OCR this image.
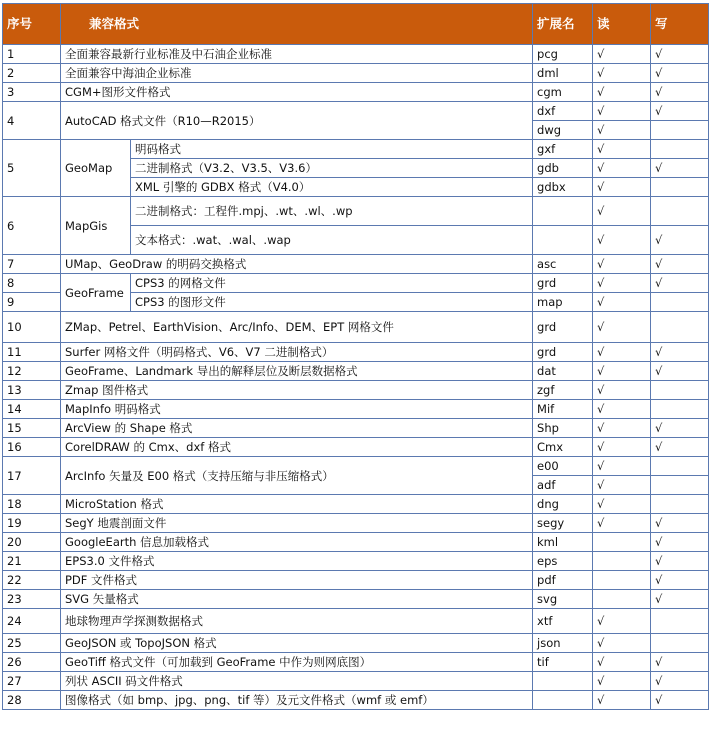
序号	兼容格式		扩展名	读	写
1	全面兼容最新行业标准及中石油企业标准		pcg	√	√
2	全面兼容中海油企业标准		dml	√	√
3	CGM+图形文件格式		cgm	√	√
4	AutoCAD 格式文件（R10—R2015）		dxf	√	√
			dwg	√	
5	GeoMap	明码格式	gxf	√	
		二进制格式（V3.2、V3.5、V3.6）	gdb	√	√
		XML 引擎的 GDBX 格式（V4.0）	gdbx	√	
6	MapGis	二进制格式：工程件.mpj、.wt、.wl、.wp		√	
		文本格式：.wat、.wal、.wap		√	√
7	UMap、GeoDraw 的明码交换格式		asc	√	√
8	GeoFrame	CPS3 的网格文件	grd	√	√
9		CPS3 的图形文件	map	√	
10	ZMap、Petrel、EarthVision、Arc/Info、DEM、EPT 网格文件		grd	√	
11	Surfer 网格文件（明码格式、V6、V7 二进制格式）		grd	√	√
12	GeoFrame、Landmark 导出的解释层位及断层数据格式		dat	√	√
13	Zmap 图件格式		zgf	√	
14	MapInfo 明码格式		Mif	√	
15	ArcView 的 Shape 格式		Shp	√	√
16	CorelDRAW 的 Cmx、dxf 格式		Cmx	√	√
17	ArcInfo 矢量及 E00 格式（支持压缩与非压缩格式）		e00	√	
			adf	√	
18	MicroStation 格式		dng	√	
19	SegY 地震剖面文件		segy	√	√
20	GoogleEarth 信息加载格式		kml		√
21	EPS3.0 文件格式		eps		√
22	PDF 文件格式		pdf		√
23	SVG 矢量格式		svg		√
24	地球物理声学探测数据格式		xtf	√	
25	GeoJSON 或 TopoJSON 格式		json	√	
26	GeoTiff 格式文件（可加载到 GeoFrame 中作为则网底图）		tif	√	√
27	列状 ASCII 码文件格式			√	√
28	图像格式（如 bmp、jpg、png、tif 等）及元文件格式（wmf 或 emf）			√	√
